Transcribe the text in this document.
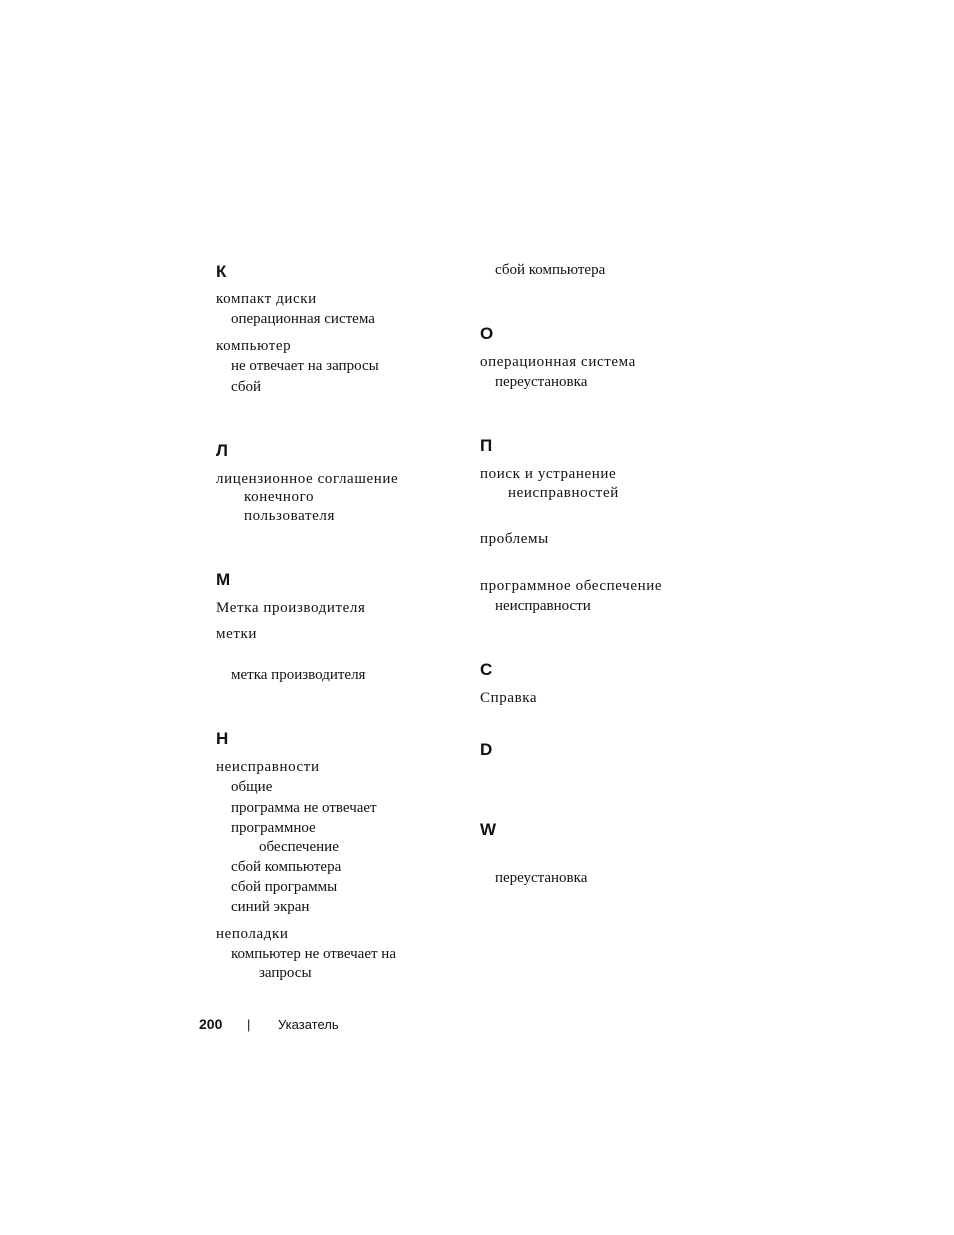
К
компакт диски
операционная система
компьютер
не отвечает на запросы
сбой
Л
лицензионное соглашение
конечного
пользователя
М
Метка производителя
метки
метка производителя
Н
неисправности
общие
программа не отвечает
программное
обеспечение
сбой компьютера
сбой программы
синий экран
неполадки
компьютер не отвечает на
запросы
сбой компьютера
О
операционная система
переустановка
П
поиск и устранение
неисправностей
проблемы
программное обеспечение
неисправности
С
Справка
D
W
переустановка
200 | Указатель
